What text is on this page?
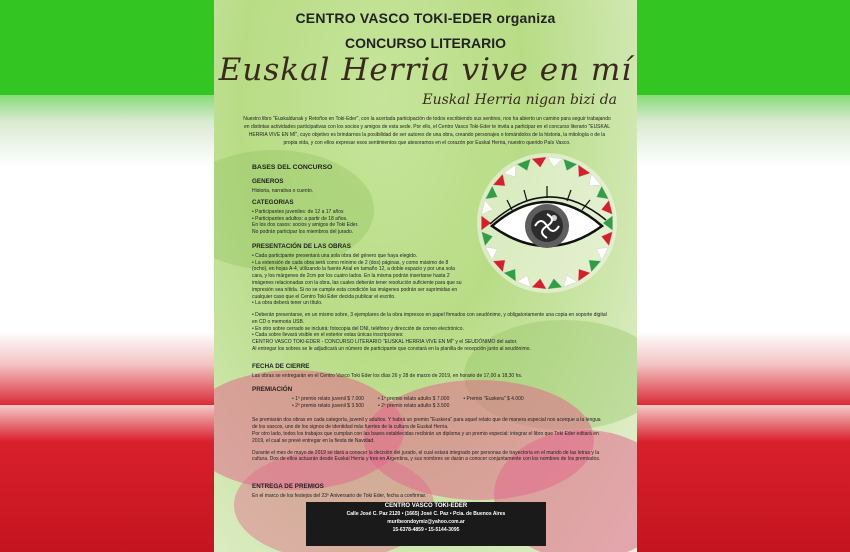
CENTRO VASCO TOKI-EDER organiza
CONCURSO LITERARIO
Euskal Herria vive en mí
Euskal Herria nigan bizi da
Nuestro libro "Euskaldunak y Retoños en Toki-Eder", con la acertada participación de todos escribiendo sus sentires, nos ha abierto un camino para seguir trabajando en distintas actividades participativas con los socios y amigos de esta sede. Por ello, el Centro Vasco Toki-Eder te invita a participar en el concurso literario "EUSKAL HERRIA VIVE EN MÍ", cuyo objetivo es brindarnos la posibilidad de ser autores de una obra, creando personajes o tomándolos de la historia, la mitología o de la propia vida, y con ellos expresar esos sentimientos que atesoramos en el corazón por Euskal Herria, nuestro querido País Vasco.
BASES DEL CONCURSO
GENEROS
Historia, narrativa o cuento.
CATEGORIAS
• Participantes juveniles: de 12 a 17 años
• Participantes adultos: a partir de 18 años.
En los dos casos: socios y amigos de Toki Eder.
No podrán participar los miembros del jurado.
PRESENTACIÓN DE LAS OBRAS
• Cada participante presentará una sola obra del género que haya elegido.
• La extensión de cada obra será como mínimo de 2 (dos) páginas, y como máximo de 8 (ocho), en hojas A-4, utilizando la fuente Arial en tamaño 12, a doble espacio y por una sola cara, y los márgenes de 2cm por los cuatro lados. En la misma podrán insertarse hasta 2 imágenes relacionadas con la obra, las cuales deberán tener resolución suficiente para que su impresión sea nítida. Si no se cumple esta condición las imágenes podrán ser suprimidas en cualquier caso que el Centro Toki Eder decida publicar el escrito.
• La obra deberá tener un título.
• Deberán presentarse, en un mismo sobre, 3 ejemplares de la obra impresos en papel firmados con seudónimo, y obligatoriamente una copia en soporte digital en CD o memoria USB.
• En otro sobre cerrado se incluirá: fotocopia del DNI, teléfono y dirección de correo electrónico.
• Cada sobre llevará visible en el exterior estas únicas inscripciones:
CENTRO VASCO TOKI-EDER - CONCURSO LITERARIO "EUSKAL HERRIA VIVE EN MÍ" y el SEUDÓNIMO del autor.
Al entregar los sobres se le adjudicará un número de participante que constará en la planilla de recepción junto al seudónimo.
FECHA DE CIERRE
Las obras se entregarán en el Centro Vasco Toki Eder los días 26 y 28 de marzo de 2019, en horario de 17,00 a 18,30 hs.
PREMIACIÓN
• 1º premio relato juvenil $ 7.000	• 1º premio relato adulto $ 7.000	• Premio "Euskera" $ 4.000
• 2º premio relato juvenil $ 3.500	• 2º premio relato adulto $ 3.500
Se premiarán dos obras en cada categoría, juvenil y adultos. Y habrá un premio "Euskera" para aquel relato que de manera especial nos acerque a la lengua de los vascos, uno de los signos de identidad más fuertes de la cultura de Euskal Herria.
Por otro lado, todos los trabajos que cumplan con las bases establecidas recibirán un diploma y un premio especial: integrar el libro que Toki Eder editará en 2019, el cual se prevé entregar en la fiesta de Navidad.
Durante el mes de mayo de 2019 se dará a conocer la decisión del jurado, el cual estará integrado por personas de trayectoria en el mundo de las letras y la cultura. Dos de ellos actuarán desde Euskal Herria y tres en Argentina, y sus nombres se darán a conocer conjuntamente con los nombres de los premiados.
ENTREGA DE PREMIOS
En el marco de los festejos del 23º Aniversario de Toki Eder, fecha a confirmar.
CENTRO VASCO TOKI-EDER
Calle José C. Paz 2120 • (1665) José C. Paz • Pcia. de Buenos Aires
muribeondoymiz@yahoo.com.ar
15-6378-4859 • 15-5144-3095
